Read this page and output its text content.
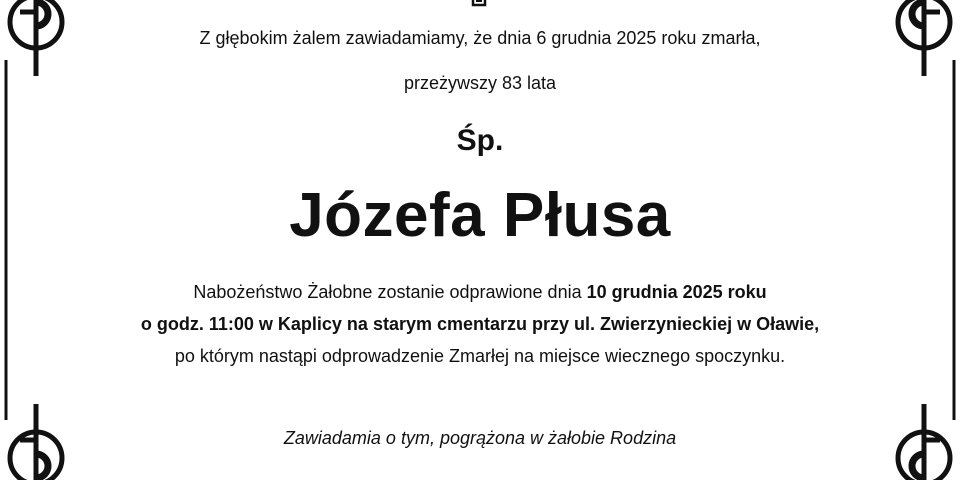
Z głębokim żalem zawiadamiamy, że dnia 6 grudnia 2025 roku zmarła,
przeżywszy 83 lata
Śp.
Józefa Płusa
Nabożeństwo Żałobne zostanie odprawione dnia 10 grudnia 2025 roku
o godz. 11:00 w Kaplicy na starym cmentarzu przy ul. Zwierzynieckiej w Oławie,
po którym nastąpi odprowadzenie Zmarłej na miejsce wiecznego spoczynku.
Zawiadamia o tym, pogrążona w żałobie Rodzina
